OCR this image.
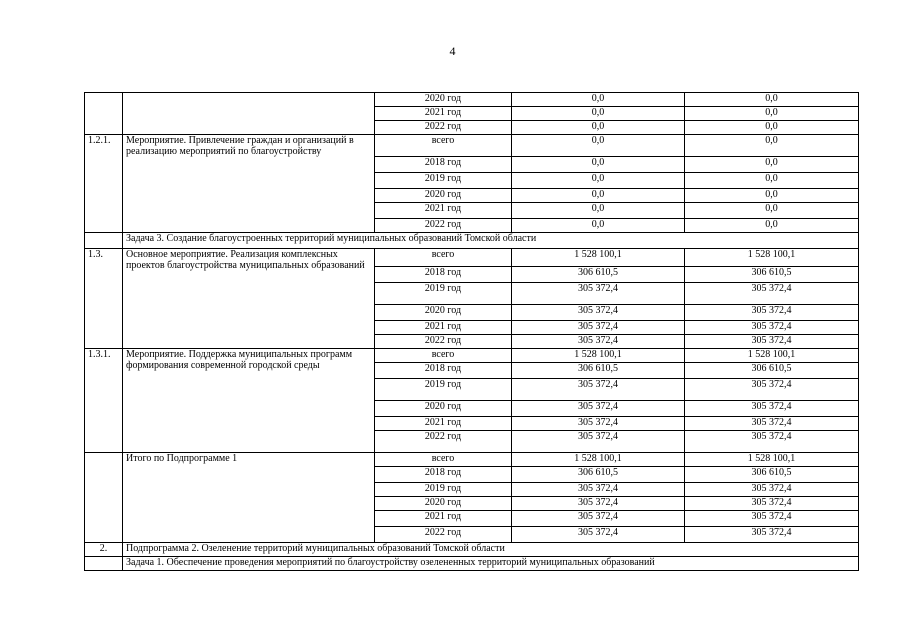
4
		2020 год	0,0	0,0
		2021 год	0,0	0,0
		2022 год	0,0	0,0
1.2.1.	Мероприятие. Привлечение граждан и организаций в реализацию мероприятий по благоустройству	всего	0,0	0,0
		2018 год	0,0	0,0
		2019 год	0,0	0,0
		2020 год	0,0	0,0
		2021 год	0,0	0,0
		2022 год	0,0	0,0
	Задача 3. Создание благоустроенных территорий муниципальных образований Томской области			
1.3.	Основное мероприятие. Реализация комплексных проектов благоустройства муниципальных образований	всего	1 528 100,1	1 528 100,1
		2018 год	306 610,5	306 610,5
		2019 год	305 372,4	305 372,4
		2020 год	305 372,4	305 372,4
		2021 год	305 372,4	305 372,4
		2022 год	305 372,4	305 372,4
1.3.1.	Мероприятие. Поддержка муниципальных программ формирования современной городской среды	всего	1 528 100,1	1 528 100,1
		2018 год	306 610,5	306 610,5
		2019 год	305 372,4	305 372,4
		2020 год	305 372,4	305 372,4
		2021 год	305 372,4	305 372,4
		2022 год	305 372,4	305 372,4
	Итого по Подпрограмме 1	всего	1 528 100,1	1 528 100,1
		2018 год	306 610,5	306 610,5
		2019 год	305 372,4	305 372,4
		2020 год	305 372,4	305 372,4
		2021 год	305 372,4	305 372,4
		2022 год	305 372,4	305 372,4
2.	Подпрограмма 2. Озеленение территорий муниципальных образований Томской области			
	Задача 1. Обеспечение проведения мероприятий по благоустройству озелененных территорий муниципальных образований			
